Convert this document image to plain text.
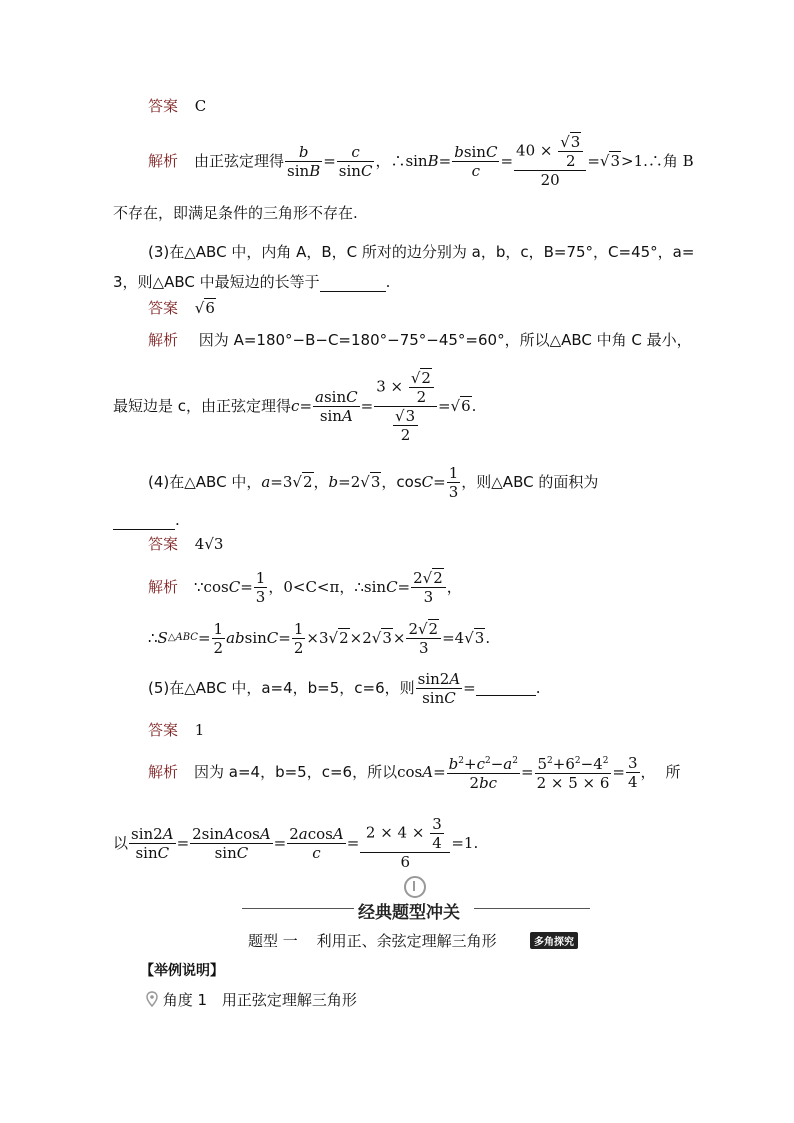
答案 C
解析 由正弦定理得 $\frac{b}{\sin B} = \frac{c}{\sin C}$ ，∴sin $B = \frac{bsinC}{c} = \frac{40 \times \frac{√3}{2}}{20} = √3$ >1.∴角 B
不存在，即满足条件的三角形不存在.
(3)在△ABC 中，内角 A，B，C 所对的边分别为 a，b，c，B=75°，C=45°，a=
3，则△ABC 中最短边的长等于	.
答案 √6
解析 因为 A=180°−B−C=180°−75°−45°=60°，所以△ABC 中角 C 最小，
最短边是 c，由正弦定理得 $c = \frac{asinC}{\sin A} = \frac{3 \times \frac{√2}{2}}{\frac{√3}{2}} = √6$ .
(4)在△ABC 中， a =3 √2 ， b =2 √3 ， $\cos C = \frac{1}{3}$ ， 则△ABC 的面积为
.
答案 4√3
解析 ∵cosC= $\frac{1}{3}$ ， 0<C<π， ∴sin $C = \frac{2√2}{3}$ ，
∴ S △ABC = $\frac{1}{2}$ ab $\sin C = \frac{1}{2} \times 3$ √2 ×2 $√3 \times \frac{2√2}{3} =4$ √3 .
(5)在△ABC 中，a=4，b=5，c=6，则 $\frac{\sin 2A}{\sin C}$ =	.
答案 1
解析 因为 a=4，b=5，c=6，所以 $\cos A = \frac{b^2+c^2-a^2}{2bc} = \frac{5^2+6^2-4^2}{2 \times 5 \times 6} = \frac{3}{4}$ ， 所
以 $\frac{\sin 2A}{\sin C} = \frac{\text{2sinAcosA}}{\sin C} = \frac{2acosA}{c} = \frac{2 \times 4 \times \frac{3}{4}}{6} = 1$ .
经典题型冲关
题型 一 利用正、余弦定理解三角形	多角探究
【举例说明】
角度 1 用正弦定理解三角形
